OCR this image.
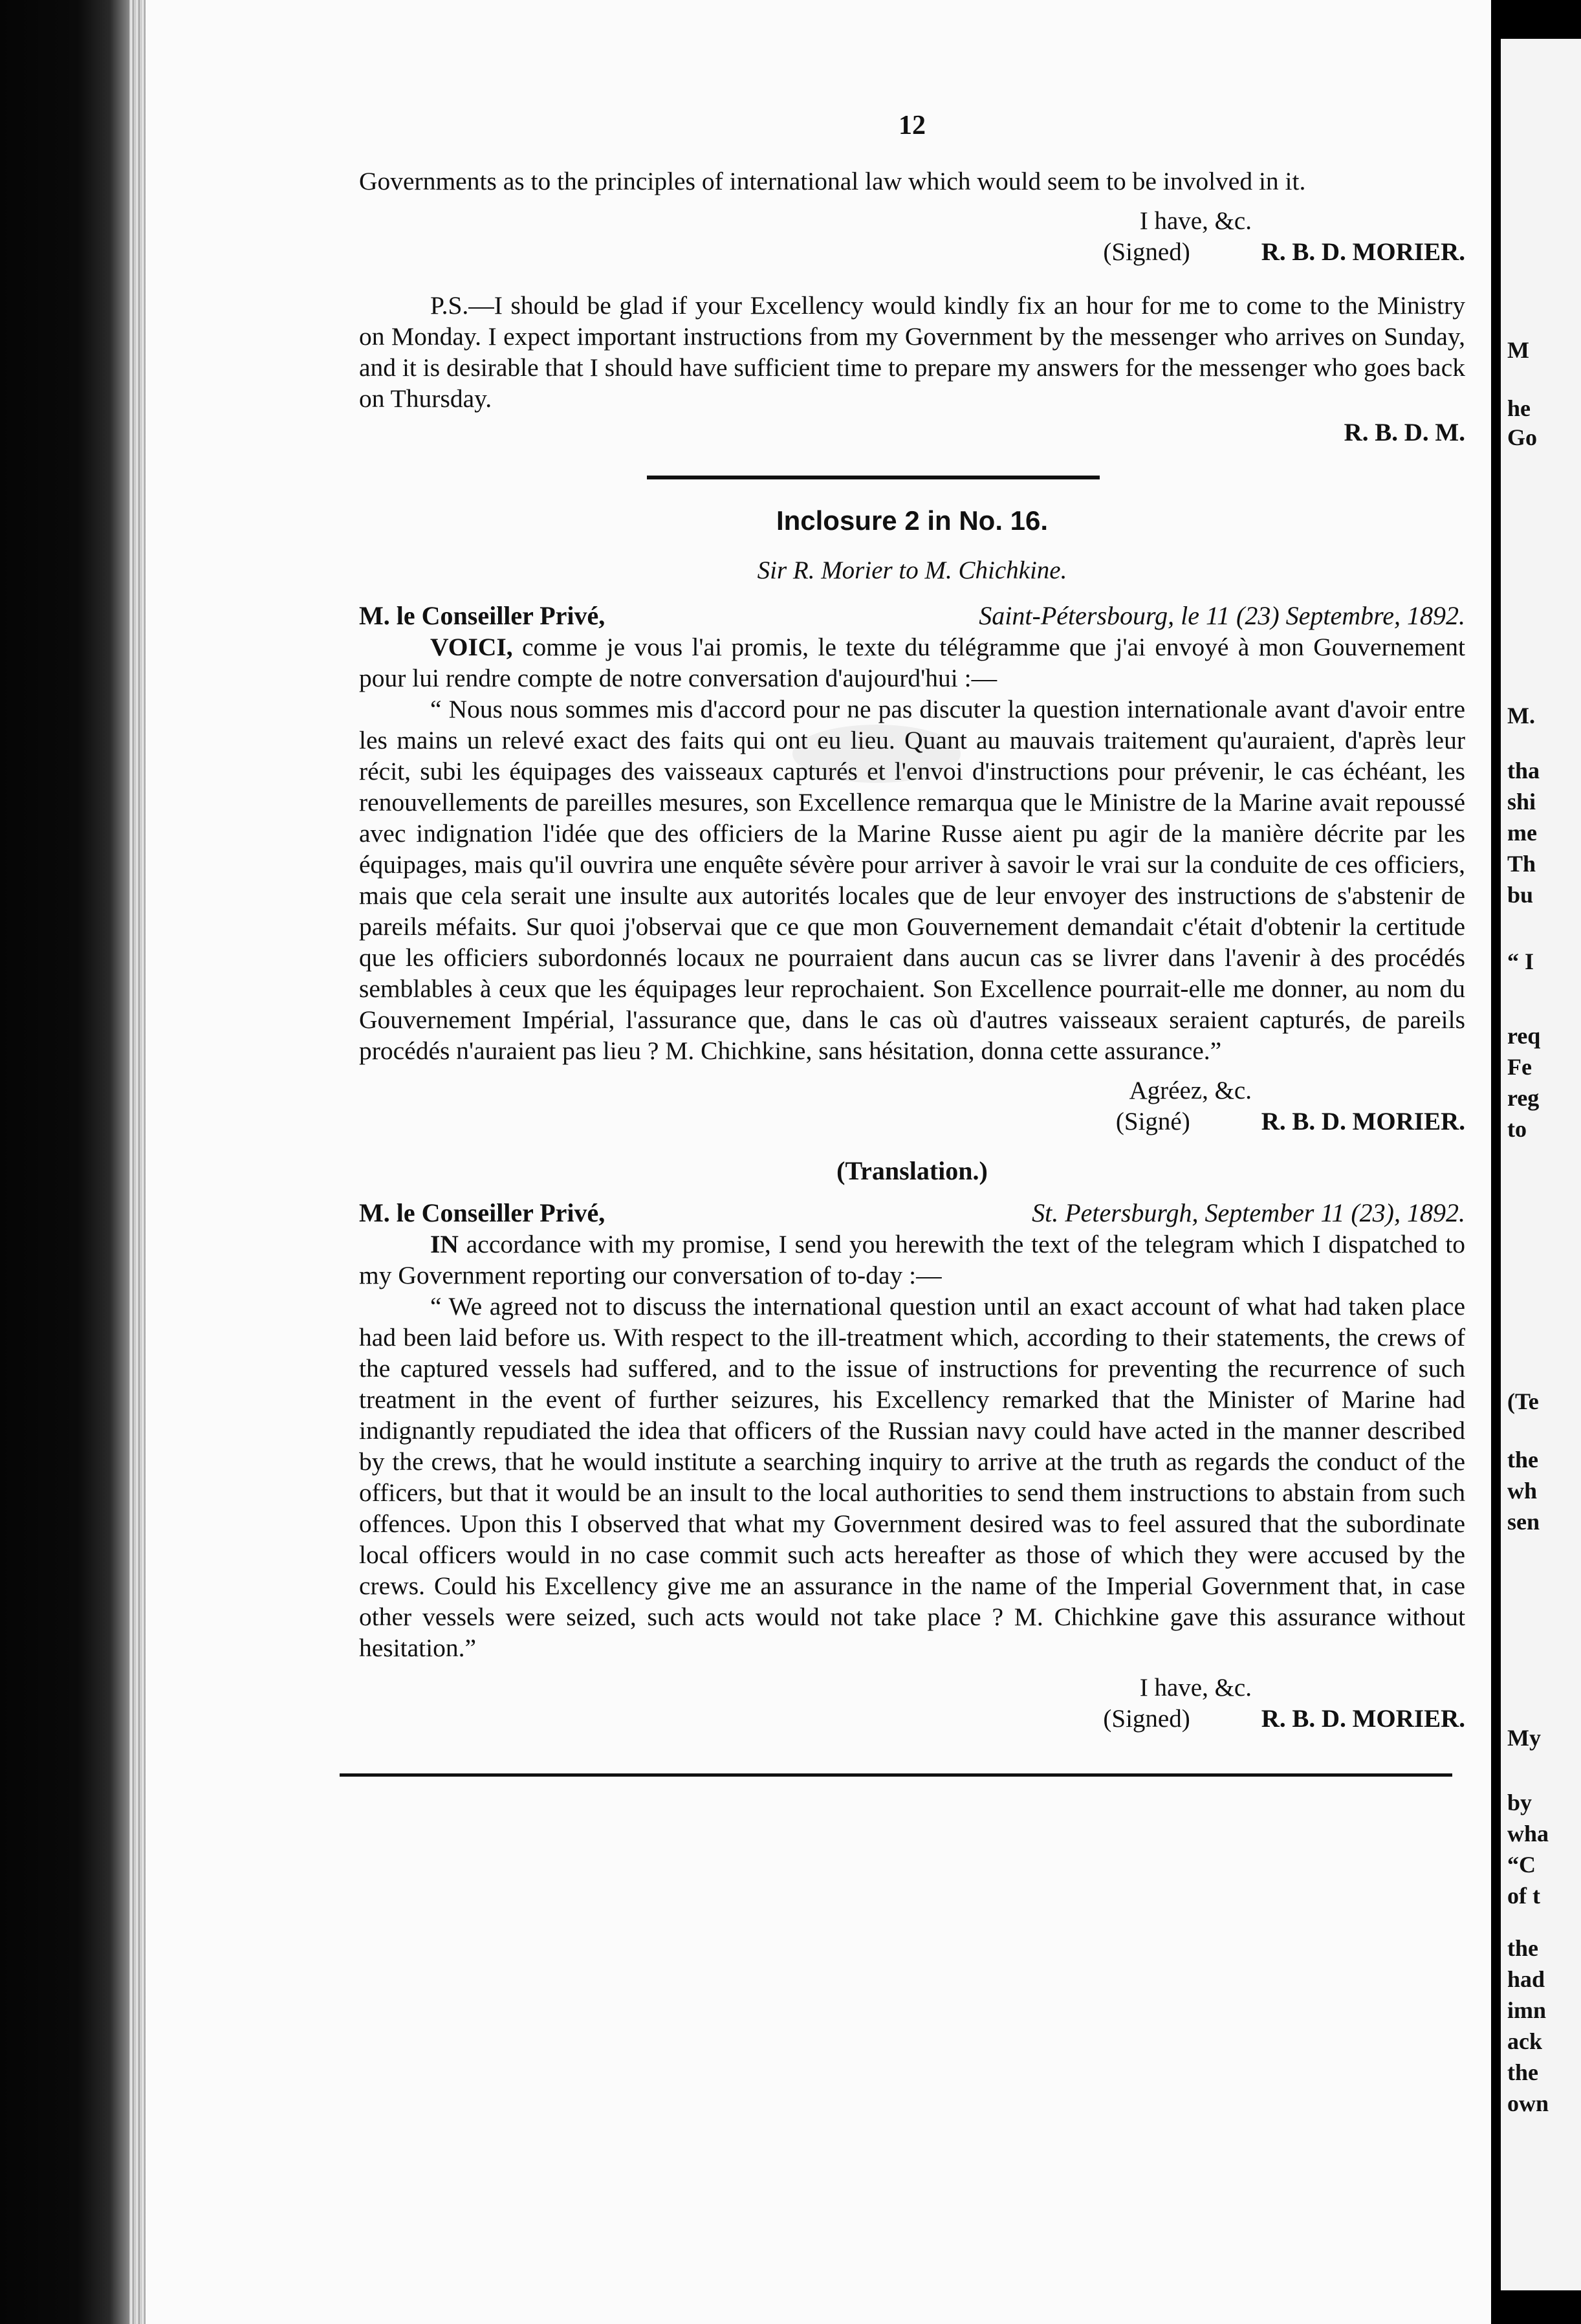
12

Governments as to the principles of international law which would seem to be involved in it.

I have, &c.
(Signed)	R. B. D. MORIER.

P.S.—I should be glad if your Excellency would kindly fix an hour for me to come to the Ministry on Monday. I expect important instructions from my Government by the messenger who arrives on Sunday, and it is desirable that I should have sufficient time to prepare my answers for the messenger who goes back on Thursday.

R. B. D. M.
Inclosure 2 in No. 16.
Sir R. Morier to M. Chichkine.
M. le Conseiller Privé,	Saint-Pétersbourg, le 11 (23) Septembre, 1892.

VOICI, comme je vous l'ai promis, le texte du télégramme que j'ai envoyé à mon Gouvernement pour lui rendre compte de notre conversation d'aujourd'hui :—

“ Nous nous sommes mis d'accord pour ne pas discuter la question internationale avant d'avoir entre les mains un relevé exact des faits qui ont eu lieu. Quant au mauvais traitement qu'auraient, d'après leur récit, subi les équipages des vaisseaux capturés et l'envoi d'instructions pour prévenir, le cas échéant, les renouvellements de pareilles mesures, son Excellence remarqua que le Ministre de la Marine avait repoussé avec indignation l'idée que des officiers de la Marine Russe aient pu agir de la manière décrite par les équipages, mais qu'il ouvrira une enquête sévère pour arriver à savoir le vrai sur la conduite de ces officiers, mais que cela serait une insulte aux autorités locales que de leur envoyer des instructions de s'abstenir de pareils méfaits. Sur quoi j'observai que ce que mon Gouvernement demandait c'était d'obtenir la certitude que les officiers subordonnés locaux ne pourraient dans aucun cas se livrer dans l'avenir à des procédés semblables à ceux que les équipages leur reprochaient. Son Excellence pourrait-elle me donner, au nom du Gouvernement Impérial, l'assurance que, dans le cas où d'autres vaisseaux seraient capturés, de pareils procédés n'auraient pas lieu ? M. Chichkine, sans hésitation, donna cette assurance.”

Agréez, &c.
(Signé)	R. B. D. MORIER.
(Translation.)
M. le Conseiller Privé,	St. Petersburgh, September 11 (23), 1892.

IN accordance with my promise, I send you herewith the text of the telegram which I dispatched to my Government reporting our conversation of to-day :—

“ We agreed not to discuss the international question until an exact account of what had taken place had been laid before us. With respect to the ill-treatment which, according to their statements, the crews of the captured vessels had suffered, and to the issue of instructions for preventing the recurrence of such treatment in the event of further seizures, his Excellency remarked that the Minister of Marine had indignantly repudiated the idea that officers of the Russian navy could have acted in the manner described by the crews, that he would institute a searching inquiry to arrive at the truth as regards the conduct of the officers, but that it would be an insult to the local authorities to send them instructions to abstain from such offences. Upon this I observed that what my Government desired was to feel assured that the subordinate local officers would in no case commit such acts hereafter as those of which they were accused by the crews. Could his Excellency give me an assurance in the name of the Imperial Government that, in case other vessels were seized, such acts would not take place ? M. Chichkine gave this assurance without hesitation.”

I have, &c.
(Signed)	R. B. D. MORIER.
M
he
Go
M.
tha
shi
me
Th
bu
“ I
req
Fe
reg
to
(Te
the
wh
sen
My
by
wha
“C
of t
the
had
imn
ack
the
own
